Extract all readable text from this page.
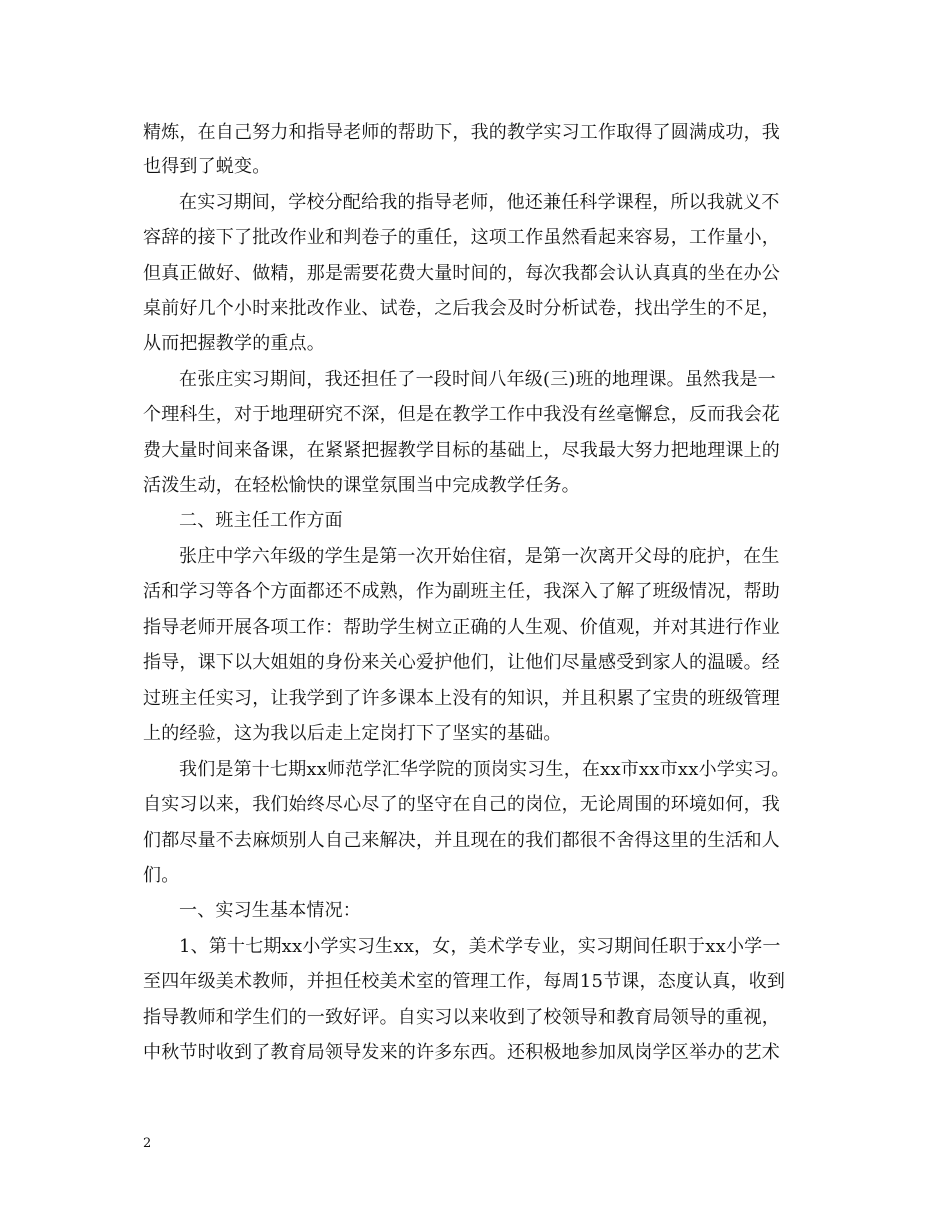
精炼，在自己努力和指导老师的帮助下，我的教学实习工作取得了圆满成功，我
也得到了蜕变。
在实习期间，学校分配给我的指导老师，他还兼任科学课程，所以我就义不
容辞的接下了批改作业和判卷子的重任，这项工作虽然看起来容易，工作量小，
但真正做好、做精，那是需要花费大量时间的，每次我都会认认真真的坐在办公
桌前好几个小时来批改作业、试卷，之后我会及时分析试卷，找出学生的不足，
从而把握教学的重点。
在张庄实习期间，我还担任了一段时间八年级(三)班的地理课。虽然我是一
个理科生，对于地理研究不深，但是在教学工作中我没有丝毫懈怠，反而我会花
费大量时间来备课，在紧紧把握教学目标的基础上，尽我最大努力把地理课上的
活泼生动，在轻松愉快的课堂氛围当中完成教学任务。
二、班主任工作方面
张庄中学六年级的学生是第一次开始住宿，是第一次离开父母的庇护，在生
活和学习等各个方面都还不成熟，作为副班主任，我深入了解了班级情况，帮助
指导老师开展各项工作：帮助学生树立正确的人生观、价值观，并对其进行作业
指导，课下以大姐姐的身份来关心爱护他们，让他们尽量感受到家人的温暖。经
过班主任实习，让我学到了许多课本上没有的知识，并且积累了宝贵的班级管理
上的经验，这为我以后走上定岗打下了坚实的基础。
我们是第十七期xx师范学汇华学院的顶岗实习生，在xx市xx市xx小学实习。
自实习以来，我们始终尽心尽了的坚守在自己的岗位，无论周围的环境如何，我
们都尽量不去麻烦别人自己来解决，并且现在的我们都很不舍得这里的生活和人
们。
一、实习生基本情况：
1、第十七期xx小学实习生xx，女，美术学专业，实习期间任职于xx小学一
至四年级美术教师，并担任校美术室的管理工作，每周15节课，态度认真，收到
指导教师和学生们的一致好评。自实习以来收到了校领导和教育局领导的重视，
中秋节时收到了教育局领导发来的许多东西。还积极地参加凤岗学区举办的艺术
2
